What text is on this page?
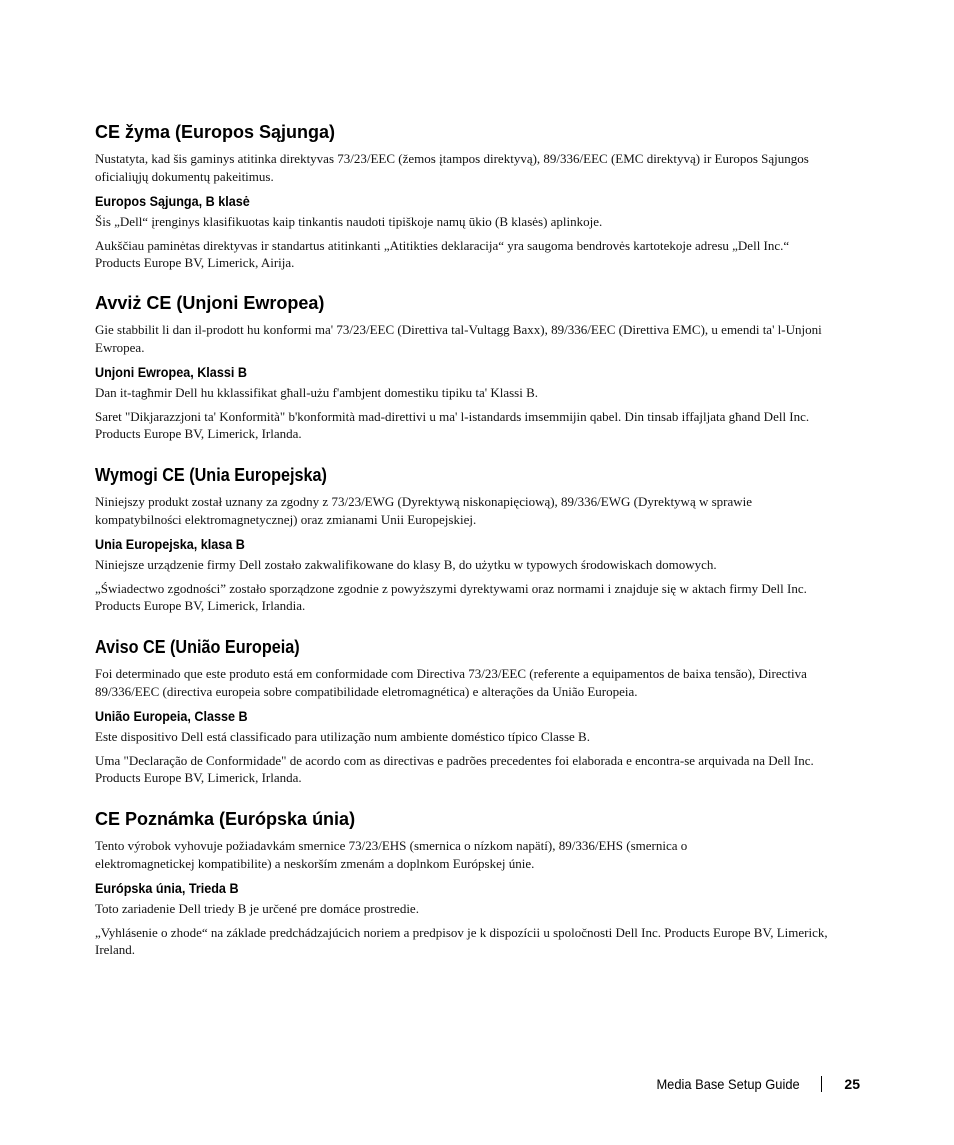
CE žyma (Europos Sąjunga)

Nustatyta, kad šis gaminys atitinka direktyvas 73/23/EEC (žemos įtampos direktyvą), 89/336/EEC (EMC direktyvą) ir Europos Sąjungos oficialiųjų dokumentų pakeitimus.

Europos Sąjunga, B klasė

Šis „Dell“ įrenginys klasifikuotas kaip tinkantis naudoti tipiškoje namų ūkio (B klasės) aplinkoje.

Aukščiau paminėtas direktyvas ir standartus atitinkanti „Atitikties deklaracija“ yra saugoma bendrovės kartotekoje adresu „Dell Inc.“ Products Europe BV, Limerick, Airija.

Avviż CE (Unjoni Ewropea)

Gie stabbilit li dan il-prodott hu konformi ma' 73/23/EEC (Direttiva tal-Vultagg Baxx), 89/336/EEC (Direttiva EMC), u emendi ta' l-Unjoni Ewropea.

Unjoni Ewropea, Klassi B

Dan it-tagħmir Dell hu kklassifikat għall-użu f'ambjent domestiku tipiku ta' Klassi B.

Saret "Dikjarazzjoni ta' Konformità" b'konformità mad-direttivi u ma' l-istandards imsemmijin qabel. Din tinsab iffajljata għand Dell Inc. Products Europe BV, Limerick, Irlanda.

Wymogi CE (Unia Europejska)

Niniejszy produkt został uznany za zgodny z 73/23/EWG (Dyrektywą niskonapięciową), 89/336/EWG (Dyrektywą w sprawie kompatybilności elektromagnetycznej) oraz zmianami Unii Europejskiej.

Unia Europejska, klasa B

Niniejsze urządzenie firmy Dell zostało zakwalifikowane do klasy B, do użytku w typowych środowiskach domowych.

„Świadectwo zgodności” zostało sporządzone zgodnie z powyższymi dyrektywami oraz normami i znajduje się w aktach firmy Dell Inc. Products Europe BV, Limerick, Irlandia.

Aviso CE (União Europeia)

Foi determinado que este produto está em conformidade com Directiva 73/23/EEC (referente a equipamentos de baixa tensão), Directiva 89/336/EEC (directiva europeia sobre compatibilidade eletromagnética) e alterações da União Europeia.

União Europeia, Classe B

Este dispositivo Dell está classificado para utilização num ambiente doméstico típico Classe B.

Uma "Declaração de Conformidade" de acordo com as directivas e padrões precedentes foi elaborada e encontra-se arquivada na Dell Inc. Products Europe BV, Limerick, Irlanda.

CE Poznámka (Európska únia)

Tento výrobok vyhovuje požiadavkám smernice 73/23/EHS (smernica o nízkom napätí), 89/336/EHS (smernica o elektromagnetickej kompatibilite) a neskorším zmenám a doplnkom Európskej únie.

Európska únia, Trieda B

Toto zariadenie Dell triedy B je určené pre domáce prostredie.

„Vyhlásenie o zhode“ na základe predchádzajúcich noriem a predpisov je k dispozícii u spoločnosti Dell Inc. Products Europe BV, Limerick, Ireland.

Media Base Setup Guide	25
